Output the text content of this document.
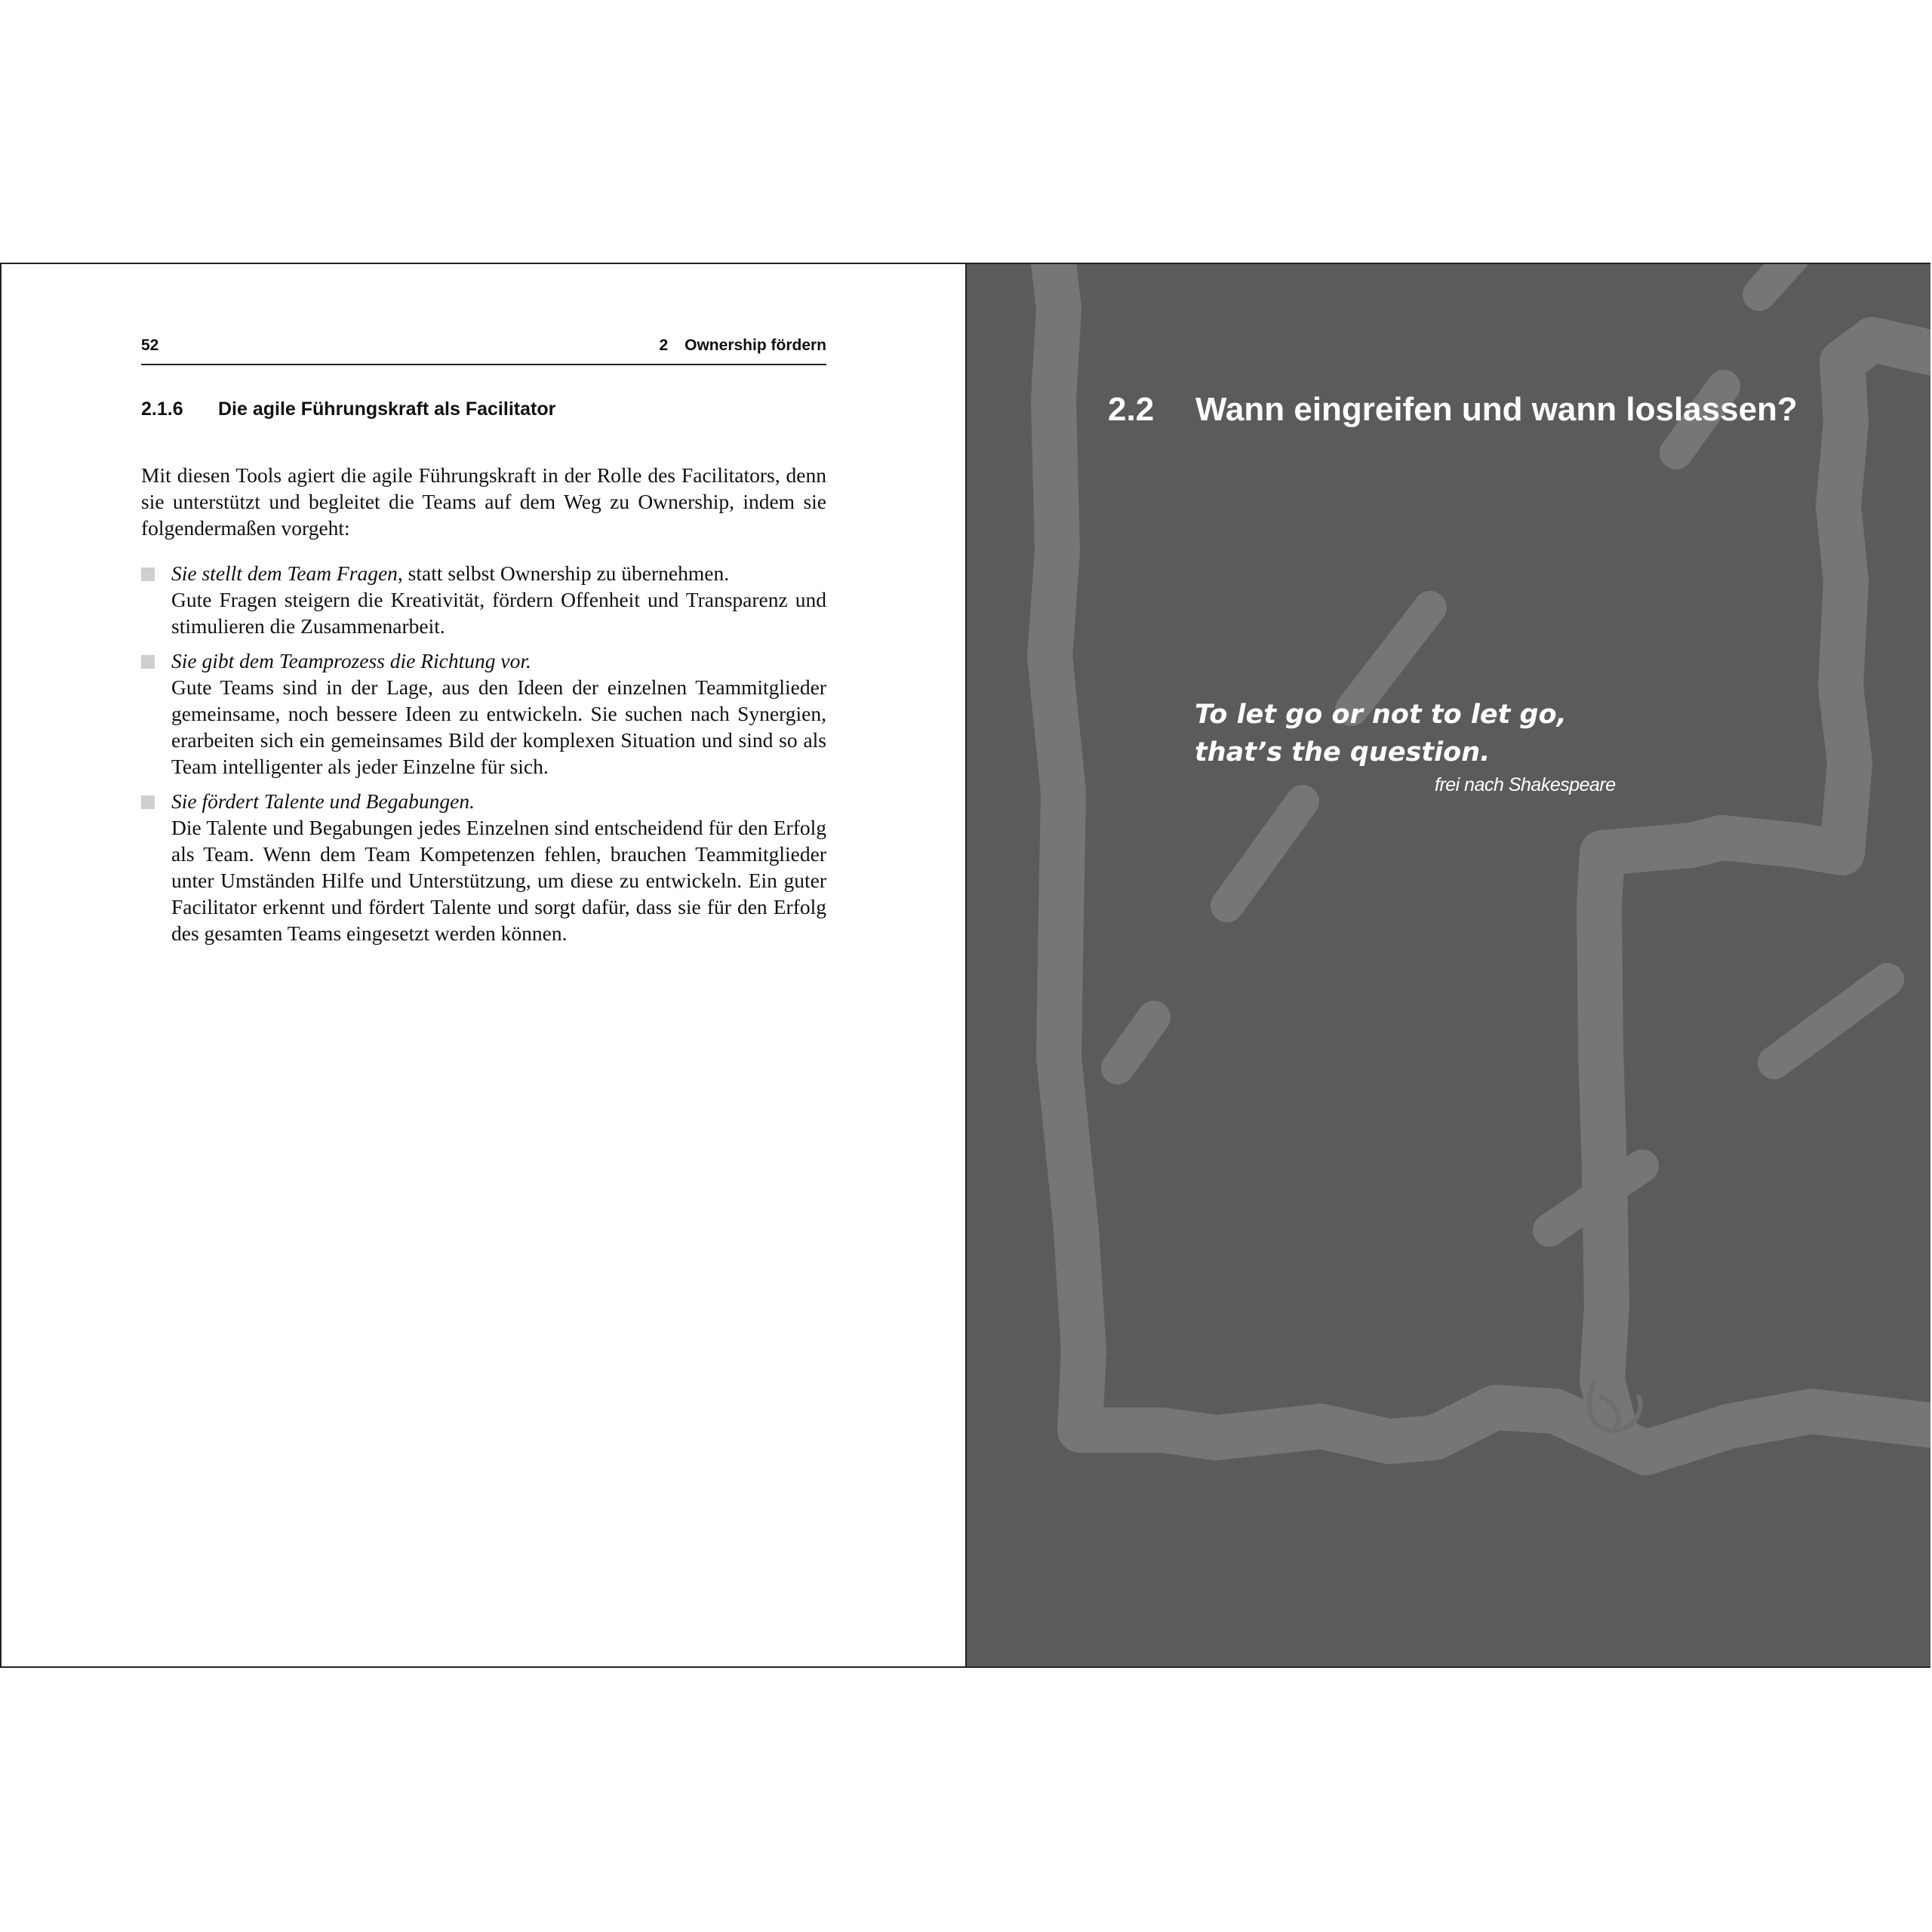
52	2 Ownership fördern
2.1.6 Die agile Führungskraft als Facilitator

Mit diesen Tools agiert die agile Führungskraft in der Rolle des Facilitators, denn sie unterstützt und begleitet die Teams auf dem Weg zu Ownership, indem sie folgendermaßen vorgeht:

Sie stellt dem Team Fragen, statt selbst Ownership zu übernehmen.

Gute Fragen steigern die Kreativität, fördern Offenheit und Transparenz und stimulieren die Zusammenarbeit.

Sie gibt dem Teamprozess die Richtung vor.

Gute Teams sind in der Lage, aus den Ideen der einzelnen Teammitglieder gemeinsame, noch bessere Ideen zu entwickeln. Sie suchen nach Synergien, erarbeiten sich ein gemeinsames Bild der komplexen Situation und sind so als Team intelligenter als jeder Einzelne für sich.

Sie fördert Talente und Begabungen.

Die Talente und Begabungen jedes Einzelnen sind entscheidend für den Erfolg als Team. Wenn dem Team Kompetenzen fehlen, brauchen Teammitglieder unter Umständen Hilfe und Unterstützung, um diese zu entwickeln. Ein guter Facilitator erkennt und fördert Talente und sorgt dafür, dass sie für den Erfolg des gesamten Teams eingesetzt werden können.

2.2 Wann eingreifen und wann loslassen?
To let go or not to let go,
that’s the question.
frei nach Shakespeare
